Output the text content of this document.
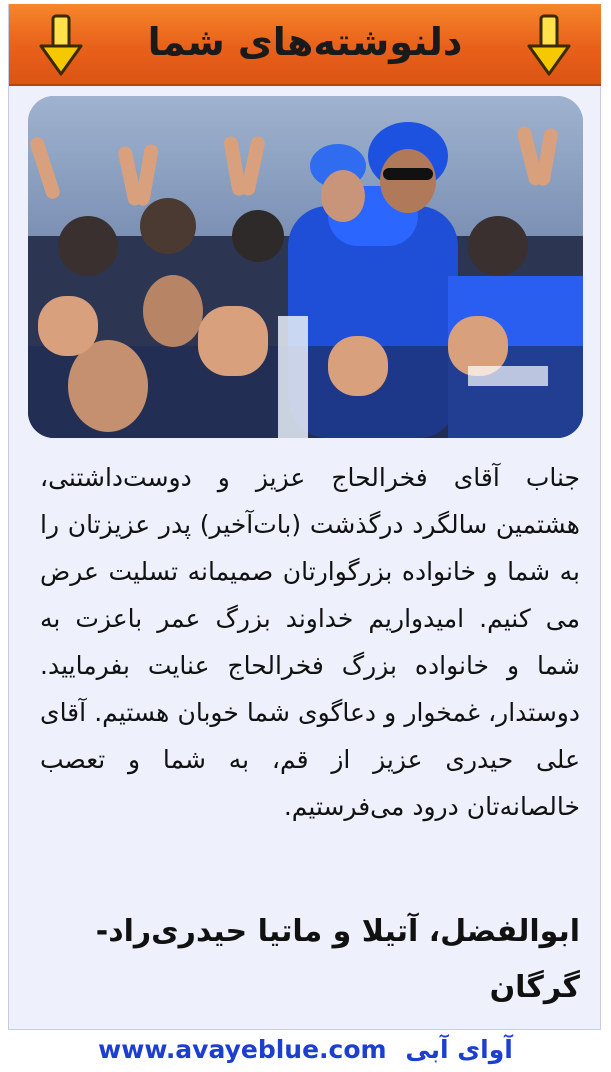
دلنوشته‌های شما

جناب آقای فخرالحاج عزیز و دوست‌داشتنی، هشتمین سالگرد درگذشت (بات‌آخیر) پدر عزیزتان را به شما و خانواده بزرگوارتان صمیمانه تسلیت عرض می کنیم. امیدواریم خداوند بزرگ عمر باعزت به شما و خانواده بزرگ فخرالحاج عنایت بفرمایید. دوستدار، غمخوار و دعاگوی شما خوبان هستیم. آقای علی حیدری عزیز از قم، به شما و تعصب خالصانه‌تان درود می‌فرستیم.

ابوالفضل، آتیلا و ماتیا حیدری‌راد- گرگان

www.avayeblue.com آوای آبی
